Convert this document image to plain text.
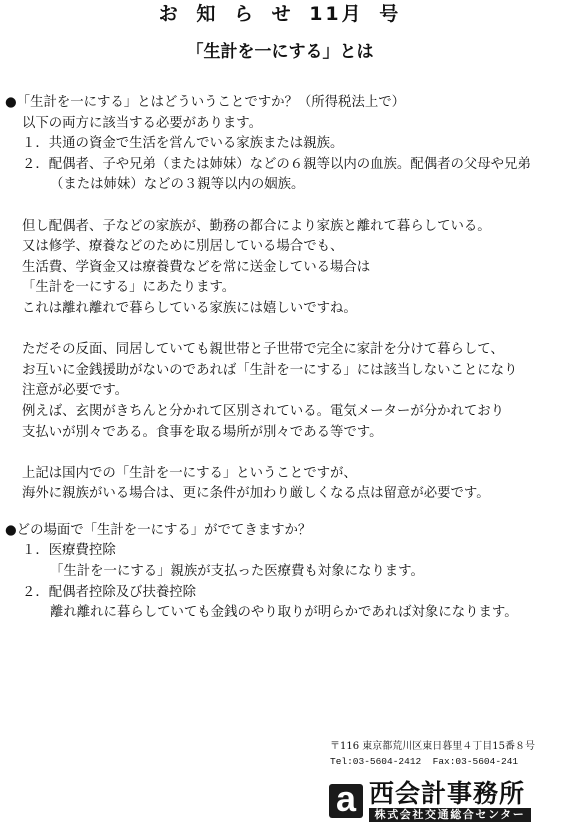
お 知 ら せ 11月 号
「生計を一にする」とは
●「生計を一にする」とはどういうことですか？（所得税法上で）
以下の両方に該当する必要があります。
１．共通の資金で生活を営んでいる家族または親族。
２．配偶者、子や兄弟（または姉妹）などの６親等以内の血族。配偶者の父母や兄弟
（または姉妹）などの３親等以内の姻族。
但し配偶者、子などの家族が、勤務の都合により家族と離れて暮らしている。
又は修学、療養などのために別居している場合でも、
生活費、学資金又は療養費などを常に送金している場合は
「生計を一にする」にあたります。
これは離れ離れで暮らしている家族には嬉しいですね。
ただその反面、同居していても親世帯と子世帯で完全に家計を分けて暮らして、
お互いに金銭援助がないのであれば「生計を一にする」には該当しないことになり
注意が必要です。
例えば、玄関がきちんと分かれて区別されている。電気メーターが分かれており
支払いが別々である。食事を取る場所が別々である等です。
上記は国内での「生計を一にする」ということですが、
海外に親族がいる場合は、更に条件が加わり厳しくなる点は留意が必要です。
●どの場面で「生計を一にする」がでてきますか？
１．医療費控除
「生計を一にする」親族が支払った医療費も対象になります。
２．配偶者控除及び扶養控除
離れ離れに暮らしていても金銭のやり取りが明らかであれば対象になります。
〒116 東京都荒川区東日暮里４丁目15番８号
Tel:03-5604-2412  Fax:03-5604-241
a 西会計事務所
株式会社交通総合センター
